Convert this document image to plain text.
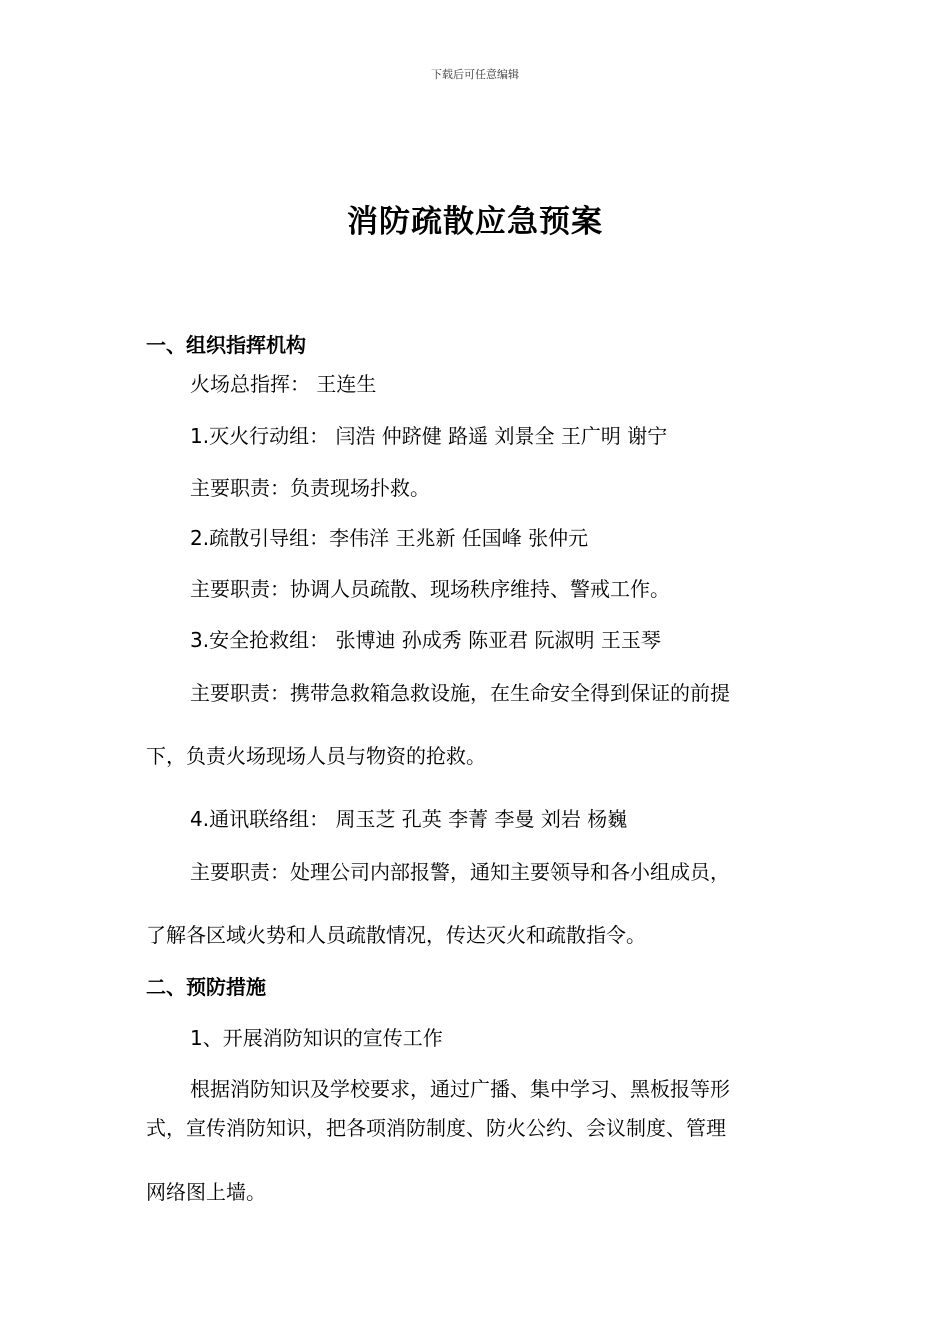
下载后可任意编辑
消防疏散应急预案
一、组织指挥机构
火场总指挥： 王连生
1.灭火行动组： 闫浩 仲跻健 路遥 刘景全 王广明 谢宁
主要职责：负责现场扑救。
2.疏散引导组：李伟洋 王兆新 任国峰 张仲元
主要职责：协调人员疏散、现场秩序维持、警戒工作。
3.安全抢救组： 张博迪 孙成秀 陈亚君 阮淑明 王玉琴
主要职责：携带急救箱急救设施，在生命安全得到保证的前提
下，负责火场现场人员与物资的抢救。
4.通讯联络组： 周玉芝 孔英 李菁 李曼 刘岩 杨巍
主要职责：处理公司内部报警，通知主要领导和各小组成员，
了解各区域火势和人员疏散情况，传达灭火和疏散指令。
二、预防措施
1、开展消防知识的宣传工作
根据消防知识及学校要求，通过广播、集中学习、黑板报等形
式，宣传消防知识，把各项消防制度、防火公约、会议制度、管理
网络图上墙。
